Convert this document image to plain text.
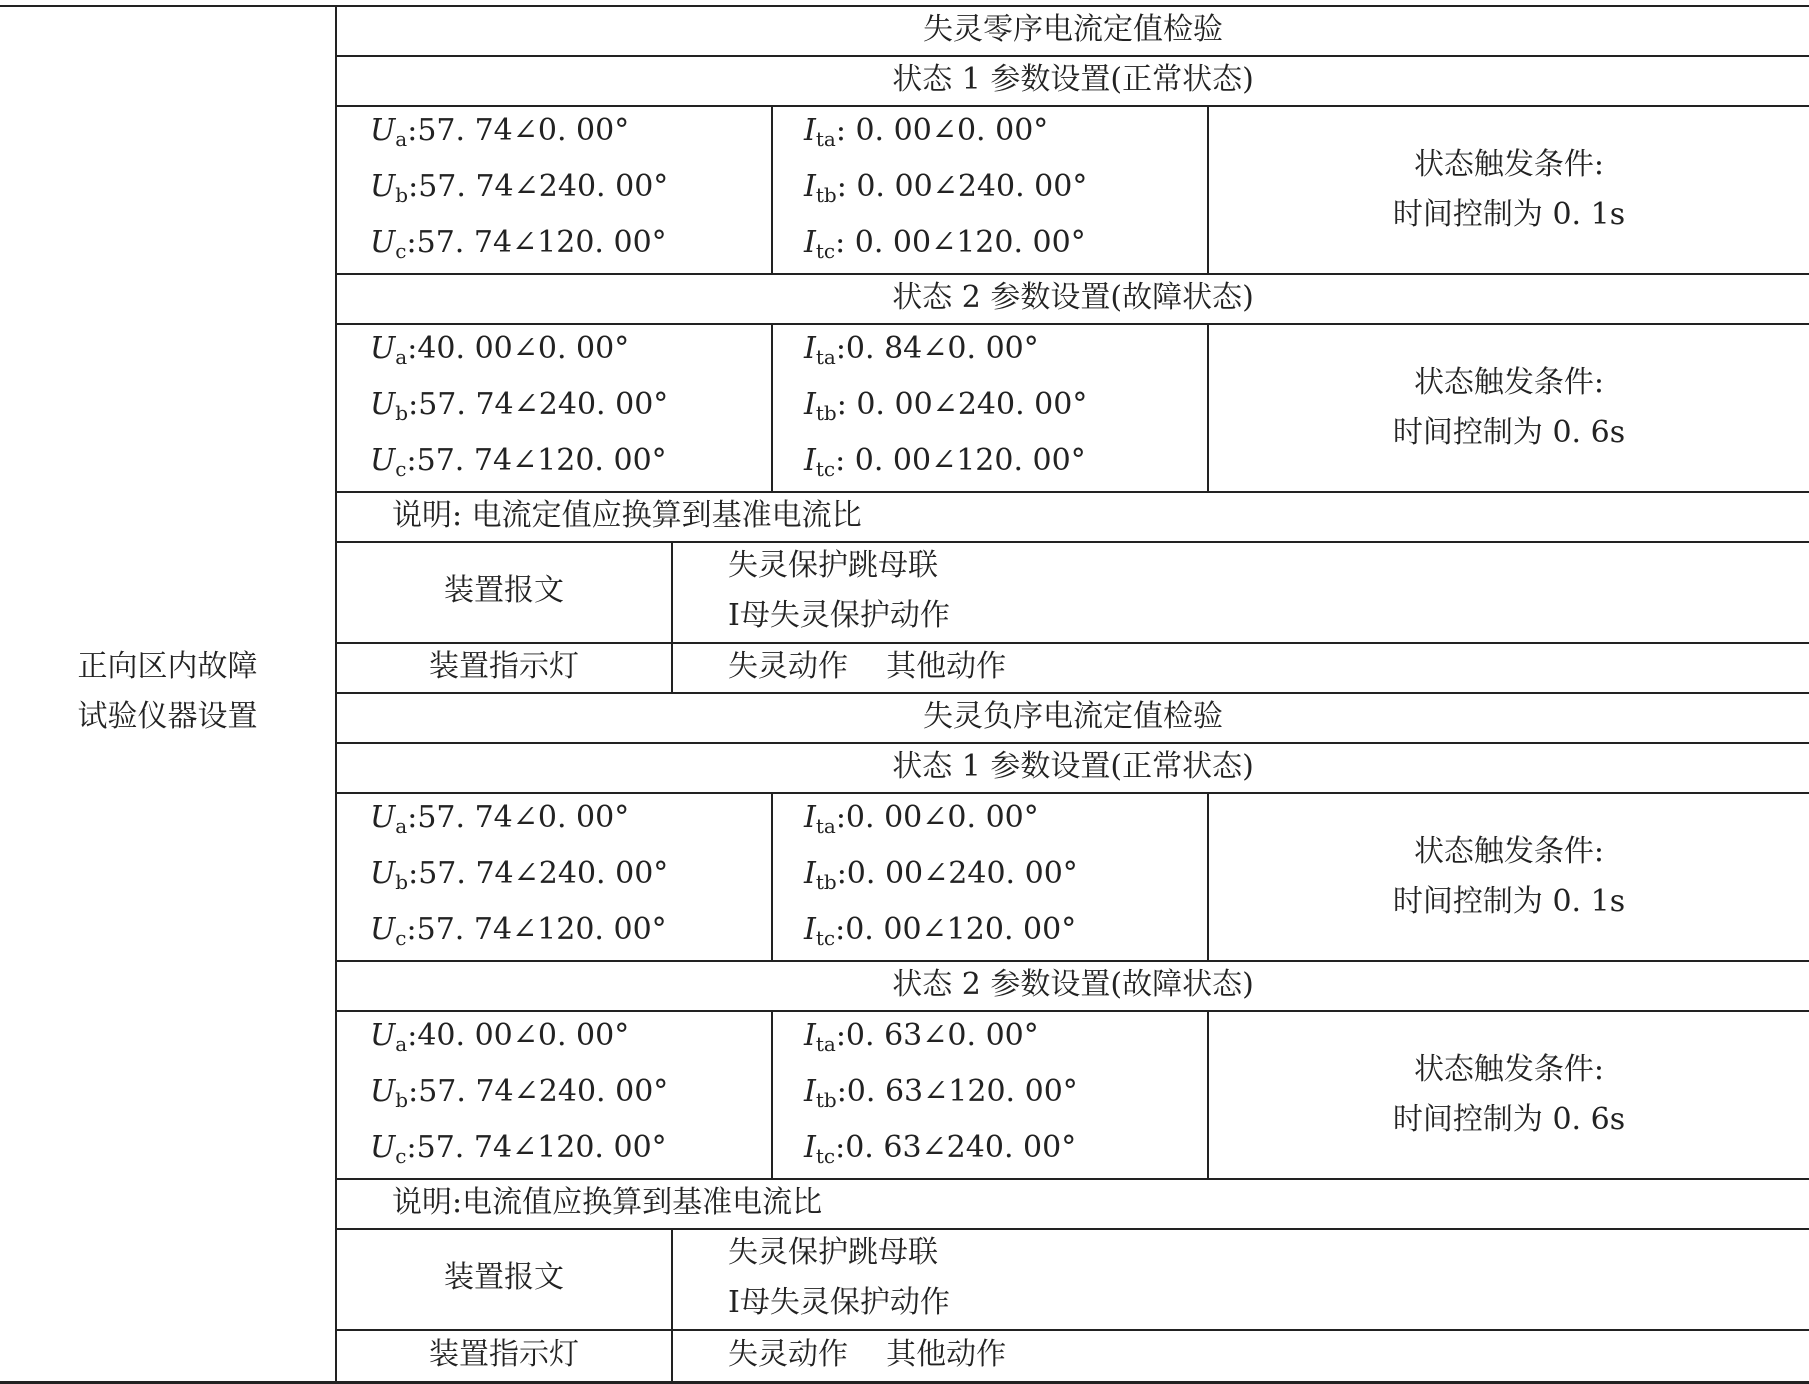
正向区内故障
试验仪器设置
失灵零序电流定值检验
状态 1 参数设置(正常状态)
$U_a:57$. 74∠0. 00°
$U_b:57$. 74∠240. 00°
$U_c:57$. 74∠120. 00°
$I_{ta}$: 0. 00∠0. 00°
$I_{tb}$: 0. 00∠240. 00°
$I_{tc}$: 0. 00∠120. 00°
状态触发条件:
时间控制为 0. 1s
状态 2 参数设置(故障状态)
$U_a:40$. 00∠0. 00°
$U_b:57$. 74∠240. 00°
$U_c:57$. 74∠120. 00°
$I_{ta}:0$. 84∠0. 00°
$I_{tb}$: 0. 00∠240. 00°
$I_{tc}$: 0. 00∠120. 00°
状态触发条件:
时间控制为 0. 6s
说明: 电流定值应换算到基准电流比
装置报文
失灵保护跳母联
Ⅰ母失灵保护动作
装置指示灯	失灵动作    其他动作
失灵负序电流定值检验
状态 1 参数设置(正常状态)
$U_a:57$. 74∠0. 00°
$U_b:57$. 74∠240. 00°
$U_c:57$. 74∠120. 00°
$I_{ta}:0$. 00∠0. 00°
$I_{tb}:0$. 00∠240. 00°
$I_{tc}:0$. 00∠120. 00°
状态触发条件:
时间控制为 0. 1s
状态 2 参数设置(故障状态)
$U_a:40$. 00∠0. 00°
$U_b:57$. 74∠240. 00°
$U_c:57$. 74∠120. 00°
$I_{ta}:0$. 63∠0. 00°
$I_{tb}:0$. 63∠120. 00°
$I_{tc}:0$. 63∠240. 00°
状态触发条件:
时间控制为 0. 6s
说明:电流值应换算到基准电流比
装置报文
失灵保护跳母联
Ⅰ母失灵保护动作
装置指示灯	失灵动作    其他动作
